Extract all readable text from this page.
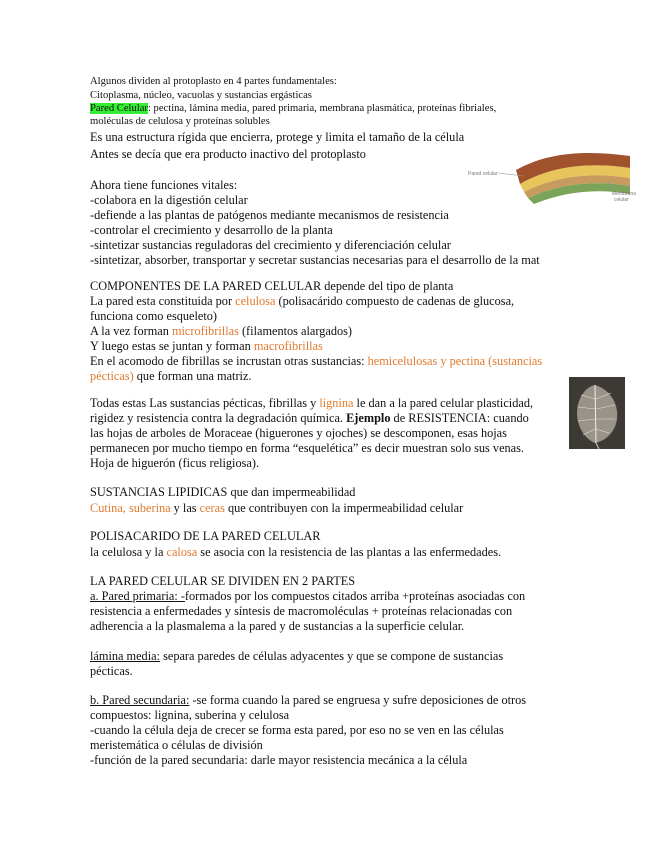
Algunos dividen al protoplasto en 4 partes fundamentales:
Citoplasma, núcleo, vacuolas y sustancias ergásticas
Pared Celular: pectina, lámina media, pared primaria, membrana plasmática, proteínas fibriales,
moléculas de celulosa y proteínas solubles
Es una estructura rígida que encierra, protege y limita el tamaño de la célula
Antes se decía que era producto inactivo del protoplasto
Pared celular
Membrana
celular
Ahora tiene funciones vitales:
-colabora en la digestión celular
-defiende a las plantas de patógenos mediante mecanismos de resistencia
-controlar el crecimiento y desarrollo de la planta
-sintetizar sustancias reguladoras del crecimiento y diferenciación celular
-sintetizar, absorber, transportar y secretar sustancias necesarias para el desarrollo de la mat
COMPONENTES DE LA PARED CELULAR depende del tipo de planta
La pared esta constituida por celulosa (polisacárido compuesto de cadenas de glucosa,
funciona como esqueleto)
A la vez forman microfibrillas (filamentos alargados)
Y luego estas se juntan y forman macrofibrillas
En el acomodo de fibrillas se incrustan otras sustancias: hemicelulosas y pectina (sustancias
pécticas) que forman una matriz.
Todas estas Las sustancias pécticas, fibrillas y lignina le dan a la pared celular plasticidad,
rigidez y resistencia contra la degradación química. Ejemplo de RESISTENCIA: cuando
las hojas de arboles de Moraceae (higuerones y ojoches) se descomponen, esas hojas
permanecen por mucho tiempo en forma “esquelética” es decir muestran solo sus venas.
Hoja de higuerón (ficus religiosa).
SUSTANCIAS LIPIDICAS que dan impermeabilidad
Cutina, suberina y las ceras que contribuyen con la impermeabilidad celular
POLISACARIDO DE LA PARED CELULAR
la celulosa y la calosa se asocia con la resistencia de las plantas a las enfermedades.
LA PARED CELULAR SE DIVIDEN EN 2 PARTES
a. Pared primaria: -formados por los compuestos citados arriba +proteínas asociadas con
resistencia a enfermedades y síntesis de macromoléculas + proteínas relacionadas con
adherencia a la plasmalema a la pared y de sustancias a la superficie celular.
lámina media: separa paredes de células adyacentes y que se compone de sustancias
pécticas.
b. Pared secundaria: -se forma cuando la pared se engruesa y sufre deposiciones de otros
compuestos: lignina, suberina y celulosa
-cuando la célula deja de crecer se forma esta pared, por eso no se ven en las células
meristemática o células de división
-función de la pared secundaria: darle mayor resistencia mecánica a la célula
